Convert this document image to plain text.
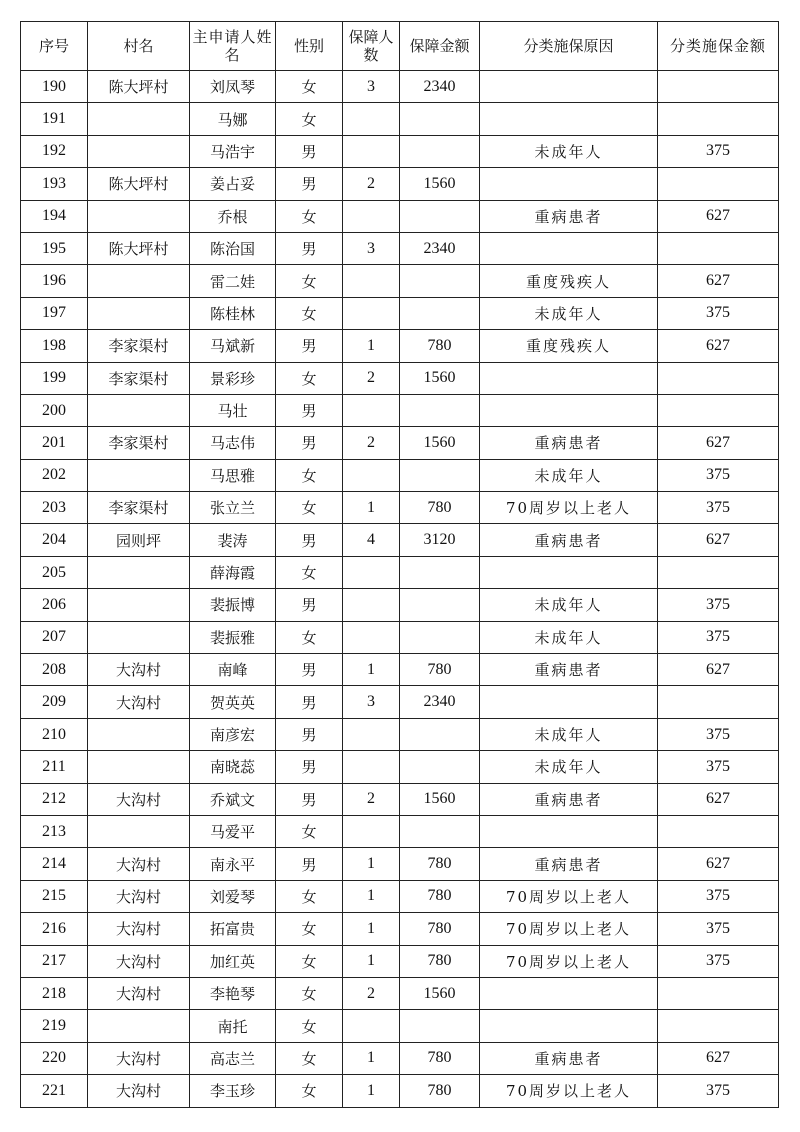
序号	村名	主申请人姓名	性别	保障人数	保障金额	分类施保原因	分类施保金额
190	陈大坪村	刘凤琴	女	3	2340		
191		马娜	女				
192		马浩宇	男			未成年人	375
193	陈大坪村	姜占妥	男	2	1560		
194		乔根	女			重病患者	627
195	陈大坪村	陈治国	男	3	2340		
196		雷二娃	女			重度残疾人	627
197		陈桂林	女			未成年人	375
198	李家渠村	马斌新	男	1	780	重度残疾人	627
199	李家渠村	景彩珍	女	2	1560		
200		马壮	男				
201	李家渠村	马志伟	男	2	1560	重病患者	627
202		马思雅	女			未成年人	375
203	李家渠村	张立兰	女	1	780	70周岁以上老人	375
204	园则坪	裴涛	男	4	3120	重病患者	627
205		薛海霞	女				
206		裴振博	男			未成年人	375
207		裴振雅	女			未成年人	375
208	大沟村	南峰	男	1	780	重病患者	627
209	大沟村	贺英英	男	3	2340		
210		南彦宏	男			未成年人	375
211		南晓蕊	男			未成年人	375
212	大沟村	乔斌文	男	2	1560	重病患者	627
213		马爱平	女				
214	大沟村	南永平	男	1	780	重病患者	627
215	大沟村	刘爱琴	女	1	780	70周岁以上老人	375
216	大沟村	拓富贵	女	1	780	70周岁以上老人	375
217	大沟村	加红英	女	1	780	70周岁以上老人	375
218	大沟村	李艳琴	女	2	1560		
219		南托	女				
220	大沟村	高志兰	女	1	780	重病患者	627
221	大沟村	李玉珍	女	1	780	70周岁以上老人	375
